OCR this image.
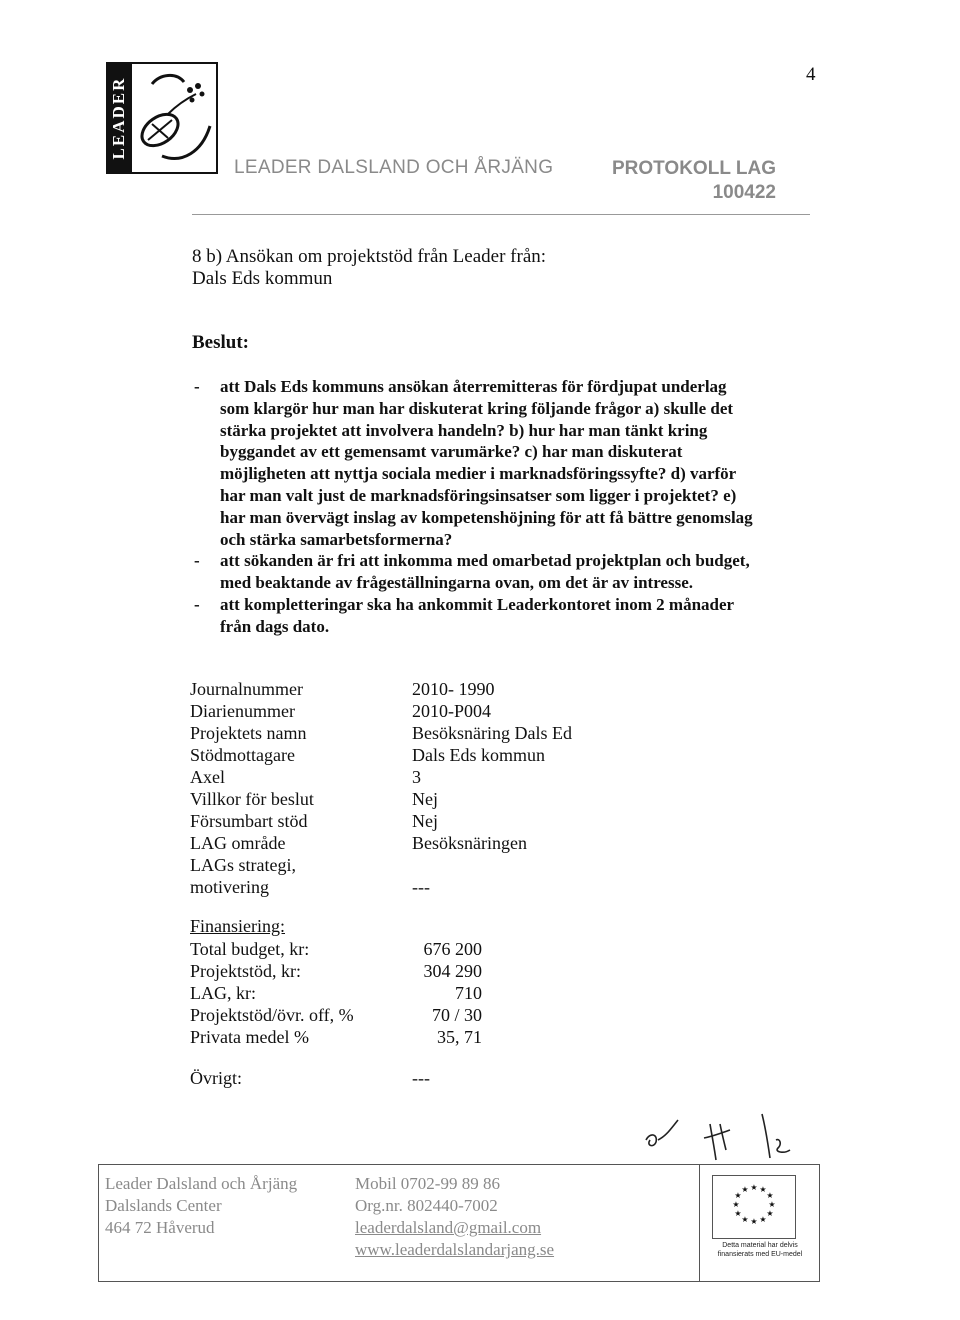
4
LEADER
LEADER DALSLAND OCH ÅRJÄNG	PROTOKOLL LAG
100422
8 b) Ansökan om projektstöd från Leader från:
Dals Eds kommun
Beslut:
- att Dals Eds kommuns ansökan återremitteras för fördjupat underlag
som klargör hur man har diskuterat kring följande frågor a) skulle det
stärka projektet att involvera handeln? b) hur har man tänkt kring
byggandet av ett gemensamt varumärke? c) har man diskuterat
möjligheten att nyttja sociala medier i marknadsföringssyfte? d) varför
har man valt just de marknadsföringsinsatser som ligger i projektet? e)
har man övervägt inslag av kompetenshöjning för att få bättre genomslag
och stärka samarbetsformerna?
- att sökanden är fri att inkomma med omarbetad projektplan och budget,
med beaktande av frågeställningarna ovan, om det är av intresse.
- att kompletteringar ska ha ankommit Leaderkontoret inom 2 månader
från dags dato.
Journalnummer	2010- 1990
Diarienummer	2010-P004
Projektets namn	Besöksnäring Dals Ed
Stödmottagare	Dals Eds kommun
Axel	3
Villkor för beslut	Nej
Försumbart stöd	Nej
LAG område	Besöksnäringen
LAGs strategi,	
motivering	---
Finansiering:
Total budget, kr:	676 200
Projektstöd, kr:	304 290
LAG, kr:	710
Projektstöd/övr. off, %	70 / 30
Privata medel %	35, 71
Övrigt:	---
Leader Dalsland och Årjäng
Dalslands Center
464 72 Håverud
Mobil 0702-99 89 86
Org.nr. 802440-7002
leaderdalsland@gmail.com
www.leaderdalslandarjang.se
★ ★
★
★
★
★
★
★
★
★
★
★
Detta material har delvis finansierats med EU-medel
